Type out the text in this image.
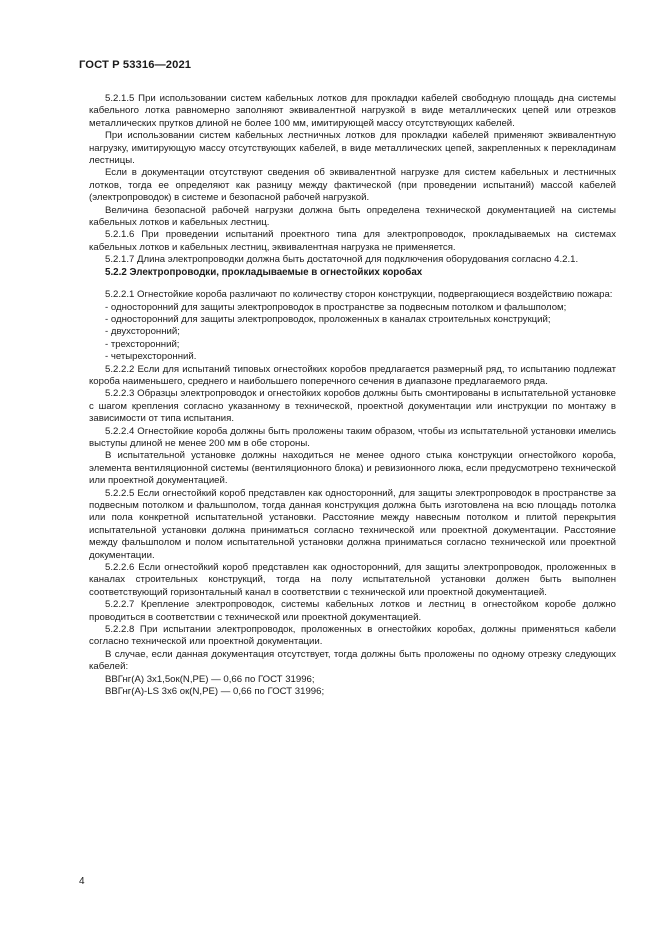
ГОСТ Р 53316—2021

5.2.1.5 При использовании систем кабельных лотков для прокладки кабелей свободную площадь дна системы кабельного лотка равномерно заполняют эквивалентной нагрузкой в виде металлических цепей или отрезков металлических прутков длиной не более 100 мм, имитирующей массу отсутствующих кабелей.

При использовании систем кабельных лестничных лотков для прокладки кабелей применяют эквивалентную нагрузку, имитирующую массу отсутствующих кабелей, в виде металлических цепей, закрепленных к перекладинам лестницы.

Если в документации отсутствуют сведения об эквивалентной нагрузке для систем кабельных и лестничных лотков, тогда ее определяют как разницу между фактической (при проведении испытаний) массой кабелей (электропроводок) в системе и безопасной рабочей нагрузкой.

Величина безопасной рабочей нагрузки должна быть определена технической документацией на системы кабельных лотков и кабельных лестниц.

5.2.1.6 При проведении испытаний проектного типа для электропроводок, прокладываемых на системах кабельных лотков и кабельных лестниц, эквивалентная нагрузка не применяется.

5.2.1.7 Длина электропроводки должна быть достаточной для подключения оборудования согласно 4.2.1.

5.2.2 Электропроводки, прокладываемые в огнестойких коробах

5.2.2.1 Огнестойкие короба различают по количеству сторон конструкции, подвергающиеся воздействию пожара:

- односторонний для защиты электропроводок в пространстве за подвесным потолком и фальшполом;

- односторонний для защиты электропроводок, проложенных в каналах строительных конструкций;

- двухсторонний;

- трехсторонний;

- четырехсторонний.

5.2.2.2 Если для испытаний типовых огнестойких коробов предлагается размерный ряд, то испытанию подлежат короба наименьшего, среднего и наибольшего поперечного сечения в диапазоне предлагаемого ряда.

5.2.2.3 Образцы электропроводок и огнестойких коробов должны быть смонтированы в испытательной установке с шагом крепления согласно указанному в технической, проектной документации или инструкции по монтажу в зависимости от типа испытания.

5.2.2.4 Огнестойкие короба должны быть проложены таким образом, чтобы из испытательной установки имелись выступы длиной не менее 200 мм в обе стороны.

В испытательной установке должны находиться не менее одного стыка конструкции огнестойкого короба, элемента вентиляционной системы (вентиляционного блока) и ревизионного люка, если предусмотрено технической или проектной документацией.

5.2.2.5 Если огнестойкий короб представлен как односторонний, для защиты электропроводок в пространстве за подвесным потолком и фальшполом, тогда данная конструкция должна быть изготовлена на всю площадь потолка или пола конкретной испытательной установки. Расстояние между навесным потолком и плитой перекрытия испытательной установки должна приниматься согласно технической или проектной документации. Расстояние между фальшполом и полом испытательной установки должна приниматься согласно технической или проектной документации.

5.2.2.6 Если огнестойкий короб представлен как односторонний, для защиты электропроводок, проложенных в каналах строительных конструкций, тогда на полу испытательной установки должен быть выполнен соответствующий горизонтальный канал в соответствии с технической или проектной документацией.

5.2.2.7 Крепление электропроводок, системы кабельных лотков и лестниц в огнестойком коробе должно проводиться в соответствии с технической или проектной документацией.

5.2.2.8 При испытании электропроводок, проложенных в огнестойких коробах, должны применяться кабели согласно технической или проектной документации.

В случае, если данная документация отсутствует, тогда должны быть проложены по одному отрезку следующих кабелей:

ВВГнг(А) 3х1,5ок(N,PE) — 0,66 по ГОСТ 31996;

ВВГнг(А)-LS 3х6 ок(N,PE) — 0,66 по ГОСТ 31996;

4
